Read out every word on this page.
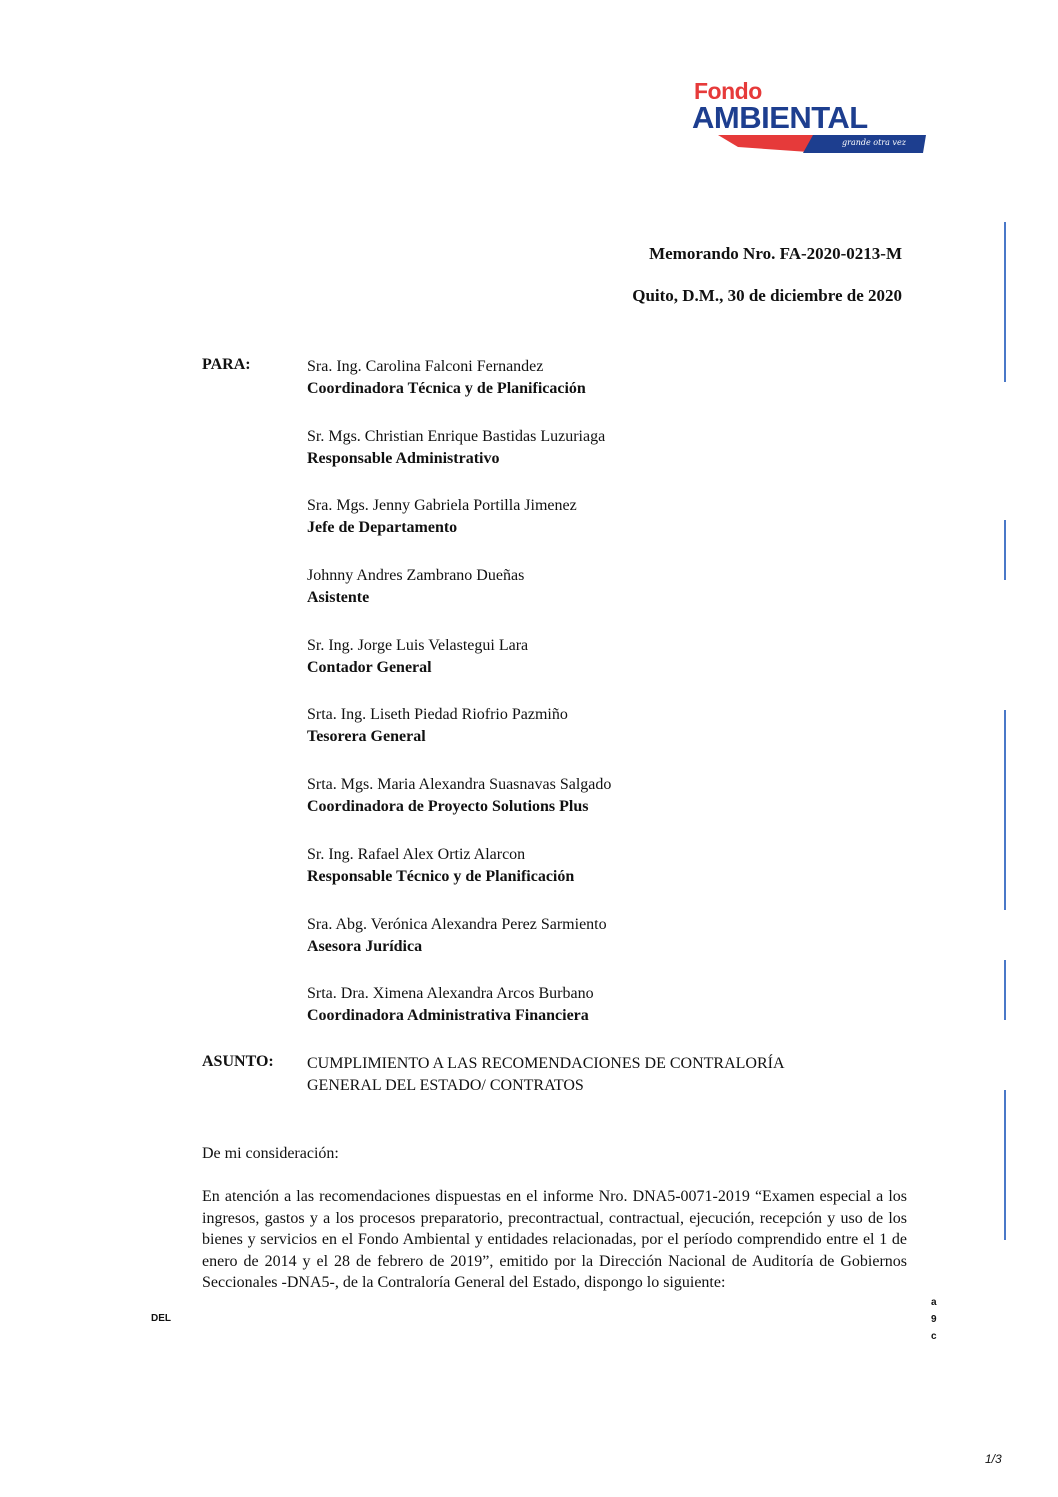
Fondo
AMBIENTAL
grande otra vez
Memorando Nro. FA-2020-0213-M
Quito, D.M., 30 de diciembre de 2020
PARA:	Sra. Ing. Carolina Falconi Fernandez
Coordinadora Técnica y de Planificación
Sr. Mgs. Christian Enrique Bastidas Luzuriaga
Responsable Administrativo
Sra. Mgs. Jenny Gabriela Portilla Jimenez
Jefe de Departamento
Johnny Andres Zambrano Dueñas
Asistente
Sr. Ing. Jorge Luis Velastegui Lara
Contador General
Srta. Ing. Liseth Piedad Riofrio Pazmiño
Tesorera General
Srta. Mgs. Maria Alexandra Suasnavas Salgado
Coordinadora de Proyecto Solutions Plus
Sr. Ing. Rafael Alex Ortiz Alarcon
Responsable Técnico y de Planificación
Sra. Abg. Verónica Alexandra Perez Sarmiento
Asesora Jurídica
Srta. Dra. Ximena Alexandra Arcos Burbano
Coordinadora Administrativa Financiera
ASUNTO: CUMPLIMIENTO A LAS RECOMENDACIONES DE CONTRALORÍA
GENERAL DEL ESTADO/ CONTRATOS
De mi consideración:
En atención a las recomendaciones dispuestas en el informe Nro. DNA5-0071-2019 “Examen especial a los ingresos, gastos y a los procesos preparatorio, precontractual, contractual, ejecución, recepción y uso de los bienes y servicios en el Fondo Ambiental y entidades relacionadas, por el período comprendido entre el 1 de enero de 2014 y el 28 de febrero de 2019”, emitido por la Dirección Nacional de Auditoría de Gobiernos Seccionales -DNA5-, de la Contraloría General del Estado, dispongo lo siguiente:
DEL
a
9
c
1/3
